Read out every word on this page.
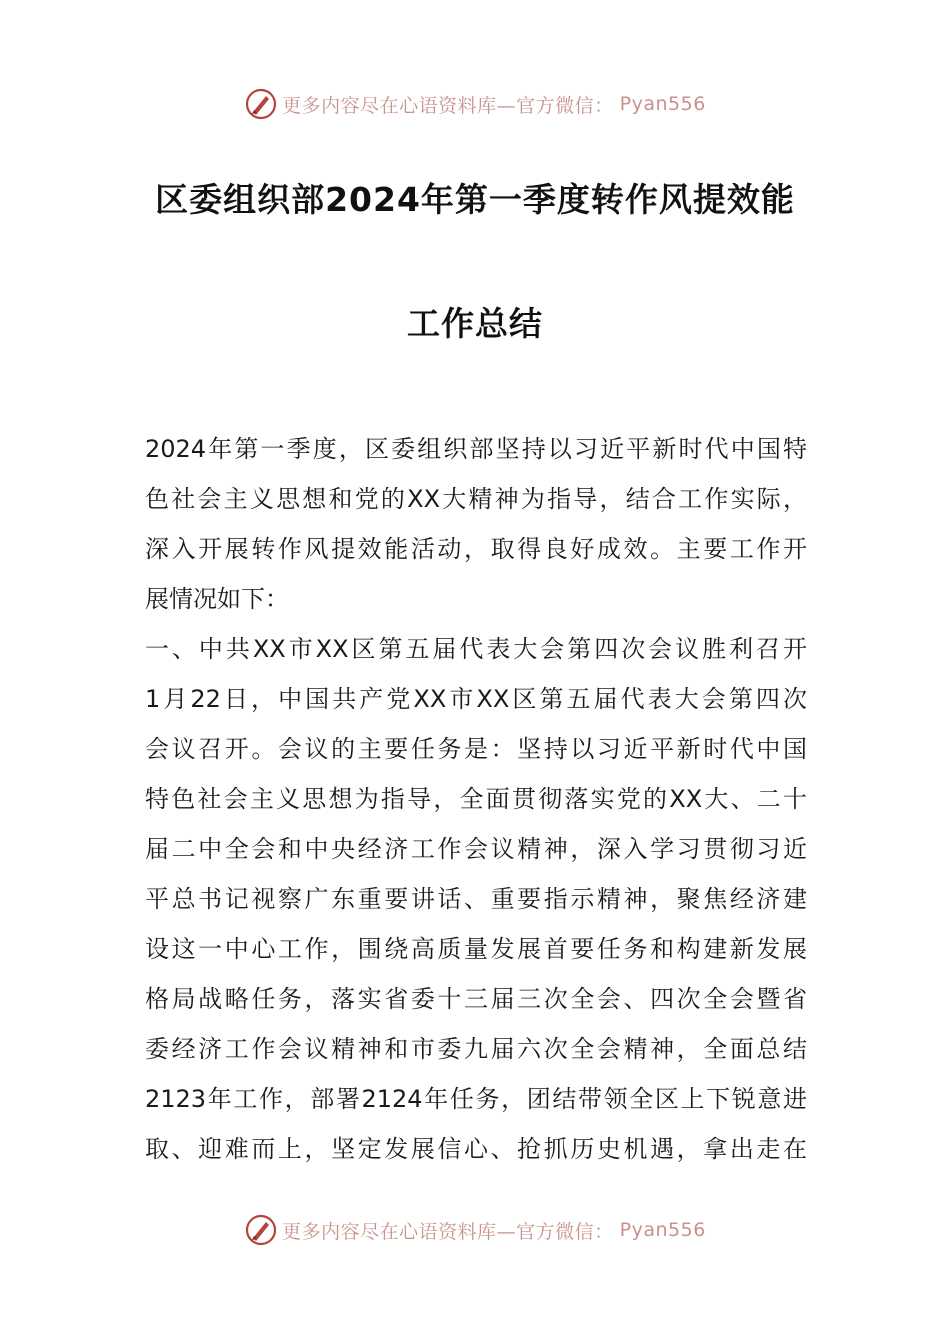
更多内容尽在心语资料库—官方微信： Pyan556
区委组织部2024年第一季度转作风提效能
工作总结
2024年第一季度，区委组织部坚持以习近平新时代中国特
色社会主义思想和党的XX大精神为指导，结合工作实际，
深入开展转作风提效能活动，取得良好成效。主要工作开
展情况如下：
一、中共XX市XX区第五届代表大会第四次会议胜利召开
1月22日，中国共产党XX市XX区第五届代表大会第四次
会议召开。会议的主要任务是：坚持以习近平新时代中国
特色社会主义思想为指导，全面贯彻落实党的XX大、二十
届二中全会和中央经济工作会议精神，深入学习贯彻习近
平总书记视察广东重要讲话、重要指示精神，聚焦经济建
设这一中心工作，围绕高质量发展首要任务和构建新发展
格局战略任务，落实省委十三届三次全会、四次全会暨省
委经济工作会议精神和市委九届六次全会精神，全面总结
2123年工作，部署2124年任务，团结带领全区上下锐意进
取、迎难而上，坚定发展信心、抢抓历史机遇，拿出走在
更多内容尽在心语资料库—官方微信： Pyan556
